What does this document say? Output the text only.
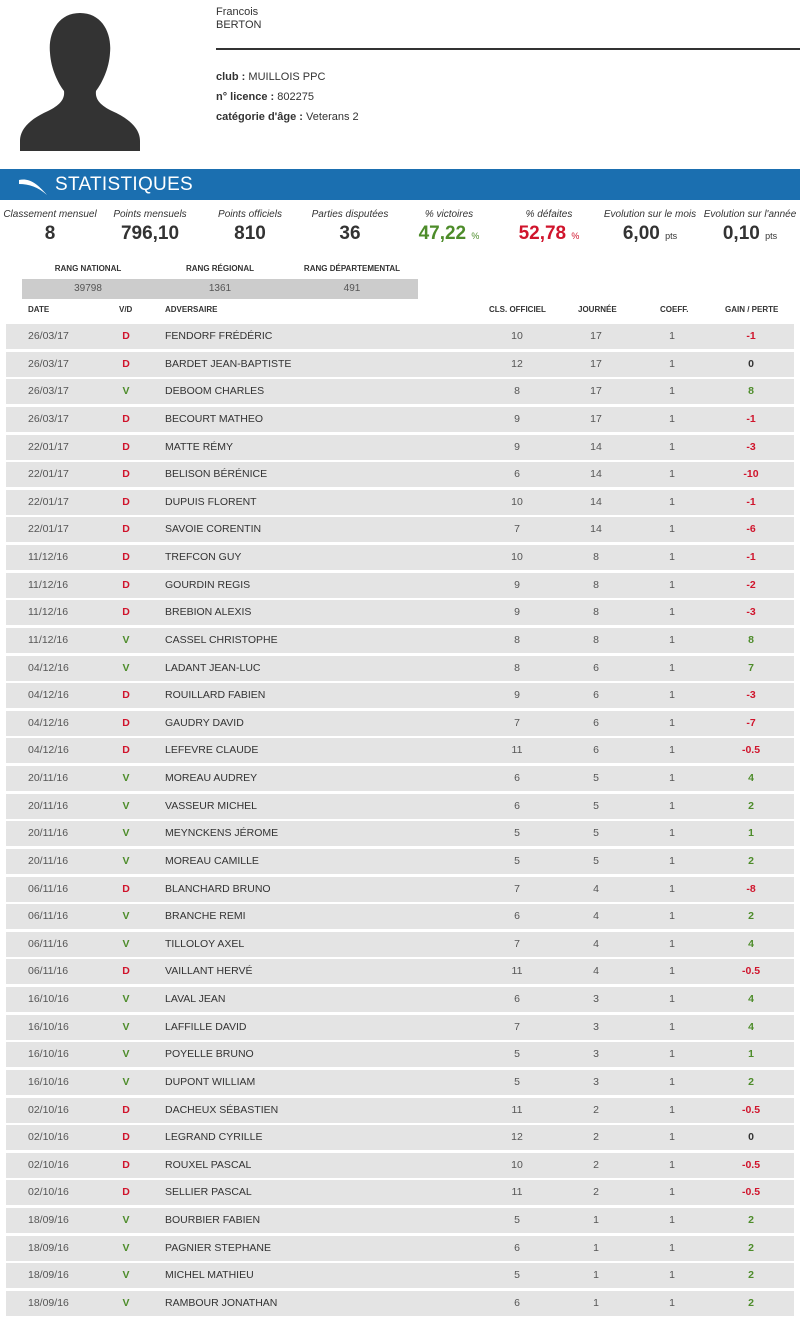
Francois
BERTON
club : MUILLOIS PPC
n° licence : 802275
catégorie d'âge : Veterans 2
STATISTIQUES
Classement mensuel
8
Points mensuels
796,10
Points officiels
810
Parties disputées
36
% victoires
47,22 %
% défaites
52,78 %
Evolution sur le mois
6,00 pts
Evolution sur l'année
0,10 pts
RANG NATIONAL	RANG RÉGIONAL	RANG DÉPARTEMENTAL
39798	1361	491
DATE	V/D	ADVERSAIRE	CLS. OFFICIEL	JOURNÉE	COEFF.	GAIN / PERTE
26/03/17	D	FENDORF FRÉDÉRIC	10	17	1	-1
26/03/17	D	BARDET JEAN-BAPTISTE	12	17	1	0
26/03/17	V	DEBOOM CHARLES	8	17	1	8
26/03/17	D	BECOURT MATHEO	9	17	1	-1
22/01/17	D	MATTE RÉMY	9	14	1	-3
22/01/17	D	BELISON BÉRÉNICE	6	14	1	-10
22/01/17	D	DUPUIS FLORENT	10	14	1	-1
22/01/17	D	SAVOIE CORENTIN	7	14	1	-6
11/12/16	D	TREFCON GUY	10	8	1	-1
11/12/16	D	GOURDIN REGIS	9	8	1	-2
11/12/16	D	BREBION ALEXIS	9	8	1	-3
11/12/16	V	CASSEL CHRISTOPHE	8	8	1	8
04/12/16	V	LADANT JEAN-LUC	8	6	1	7
04/12/16	D	ROUILLARD FABIEN	9	6	1	-3
04/12/16	D	GAUDRY DAVID	7	6	1	-7
04/12/16	D	LEFEVRE CLAUDE	11	6	1	-0.5
20/11/16	V	MOREAU AUDREY	6	5	1	4
20/11/16	V	VASSEUR MICHEL	6	5	1	2
20/11/16	V	MEYNCKENS JÉROME	5	5	1	1
20/11/16	V	MOREAU CAMILLE	5	5	1	2
06/11/16	D	BLANCHARD BRUNO	7	4	1	-8
06/11/16	V	BRANCHE REMI	6	4	1	2
06/11/16	V	TILLOLOY AXEL	7	4	1	4
06/11/16	D	VAILLANT HERVÉ	11	4	1	-0.5
16/10/16	V	LAVAL JEAN	6	3	1	4
16/10/16	V	LAFFILLE DAVID	7	3	1	4
16/10/16	V	POYELLE BRUNO	5	3	1	1
16/10/16	V	DUPONT WILLIAM	5	3	1	2
02/10/16	D	DACHEUX SÉBASTIEN	11	2	1	-0.5
02/10/16	D	LEGRAND CYRILLE	12	2	1	0
02/10/16	D	ROUXEL PASCAL	10	2	1	-0.5
02/10/16	D	SELLIER PASCAL	11	2	1	-0.5
18/09/16	V	BOURBIER FABIEN	5	1	1	2
18/09/16	V	PAGNIER STEPHANE	6	1	1	2
18/09/16	V	MICHEL MATHIEU	5	1	1	2
18/09/16	V	RAMBOUR JONATHAN	6	1	1	2
